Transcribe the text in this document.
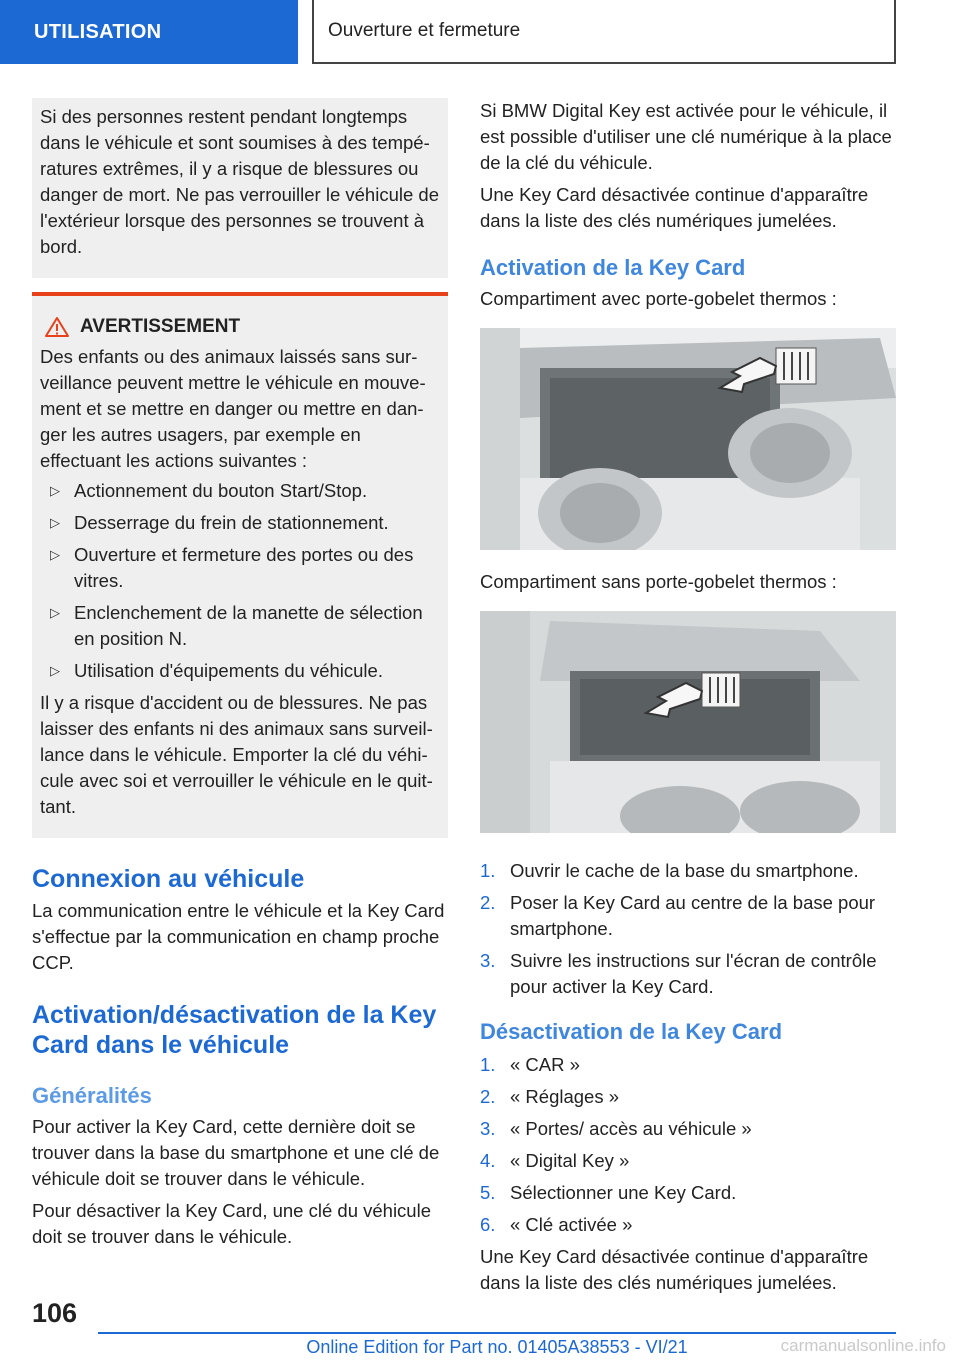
UTILISATION	Ouverture et fermeture

Si des personnes restent pendant longtemps dans le véhicule et sont soumises à des températures extrêmes, il y a risque de blessures ou danger de mort. Ne pas verrouiller le véhicule de l'extérieur lorsque des personnes se trouvent à bord.

AVERTISSEMENT

Des enfants ou des animaux laissés sans surveillance peuvent mettre le véhicule en mouvement et se mettre en danger ou mettre en danger les autres usagers, par exemple en effectuant les actions suivantes :

▷ Actionnement du bouton Start/Stop.
▷ Desserrage du frein de stationnement.
▷ Ouverture et fermeture des portes ou des vitres.
▷ Enclenchement de la manette de sélection en position N.
▷ Utilisation d'équipements du véhicule.

Il y a risque d'accident ou de blessures. Ne pas laisser des enfants ni des animaux sans surveillance dans le véhicule. Emporter la clé du véhicule avec soi et verrouiller le véhicule en le quittant.

Connexion au véhicule

La communication entre le véhicule et la Key Card s'effectue par la communication en champ proche CCP.

Activation/désactivation de la Key Card dans le véhicule
Généralités

Pour activer la Key Card, cette dernière doit se trouver dans la base du smartphone et une clé de véhicule doit se trouver dans le véhicule.

Pour désactiver la Key Card, une clé du véhicule doit se trouver dans le véhicule.

Si BMW Digital Key est activée pour le véhicule, il est possible d'utiliser une clé numérique à la place de la clé du véhicule.

Une Key Card désactivée continue d'apparaître dans la liste des clés numériques jumelées.

Activation de la Key Card

Compartiment avec porte-gobelet thermos :

Compartiment sans porte-gobelet thermos :

1. Ouvrir le cache de la base du smartphone.
2. Poser la Key Card au centre de la base pour smartphone.
3. Suivre les instructions sur l'écran de contrôle pour activer la Key Card.
Désactivation de la Key Card
1. « CAR »
2. « Réglages »
3. « Portes/ accès au véhicule »
4. « Digital Key »
5. Sélectionner une Key Card.
6. « Clé activée »

Une Key Card désactivée continue d'apparaître dans la liste des clés numériques jumelées.

106
Online Edition for Part no. 01405A38553 - VI/21	carmanualsonline.info
